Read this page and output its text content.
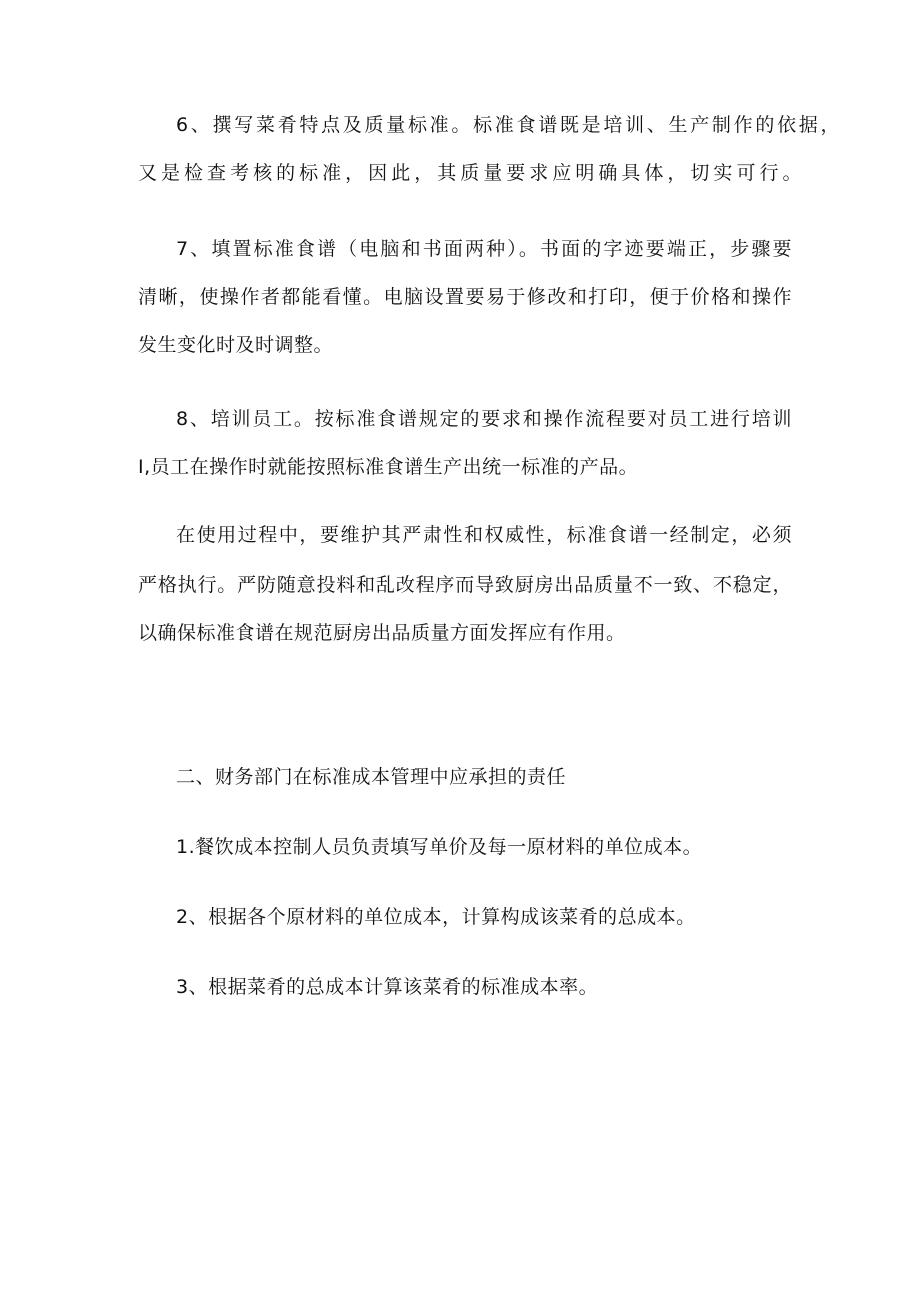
6、撰写菜肴特点及质量标准。标准食谱既是培训、生产制作的依据，

又是检查考核的标准，因此，其质量要求应明确具体，切实可行。

7、填置标准食谱（电脑和书面两种）。书面的字迹要端正，步骤要

清晰，使操作者都能看懂。电脑设置要易于修改和打印，便于价格和操作

发生变化时及时调整。

8、培训员工。按标准食谱规定的要求和操作流程要对员工进行培训

I,员工在操作时就能按照标准食谱生产出统一标准的产品。

在使用过程中，要维护其严肃性和权威性，标准食谱一经制定，必须

严格执行。严防随意投料和乱改程序而导致厨房出品质量不一致、不稳定，

以确保标准食谱在规范厨房出品质量方面发挥应有作用。

二、财务部门在标准成本管理中应承担的责任

1.餐饮成本控制人员负责填写单价及每一原材料的单位成本。

2、根据各个原材料的单位成本，计算构成该菜肴的总成本。

3、根据菜肴的总成本计算该菜肴的标准成本率。
